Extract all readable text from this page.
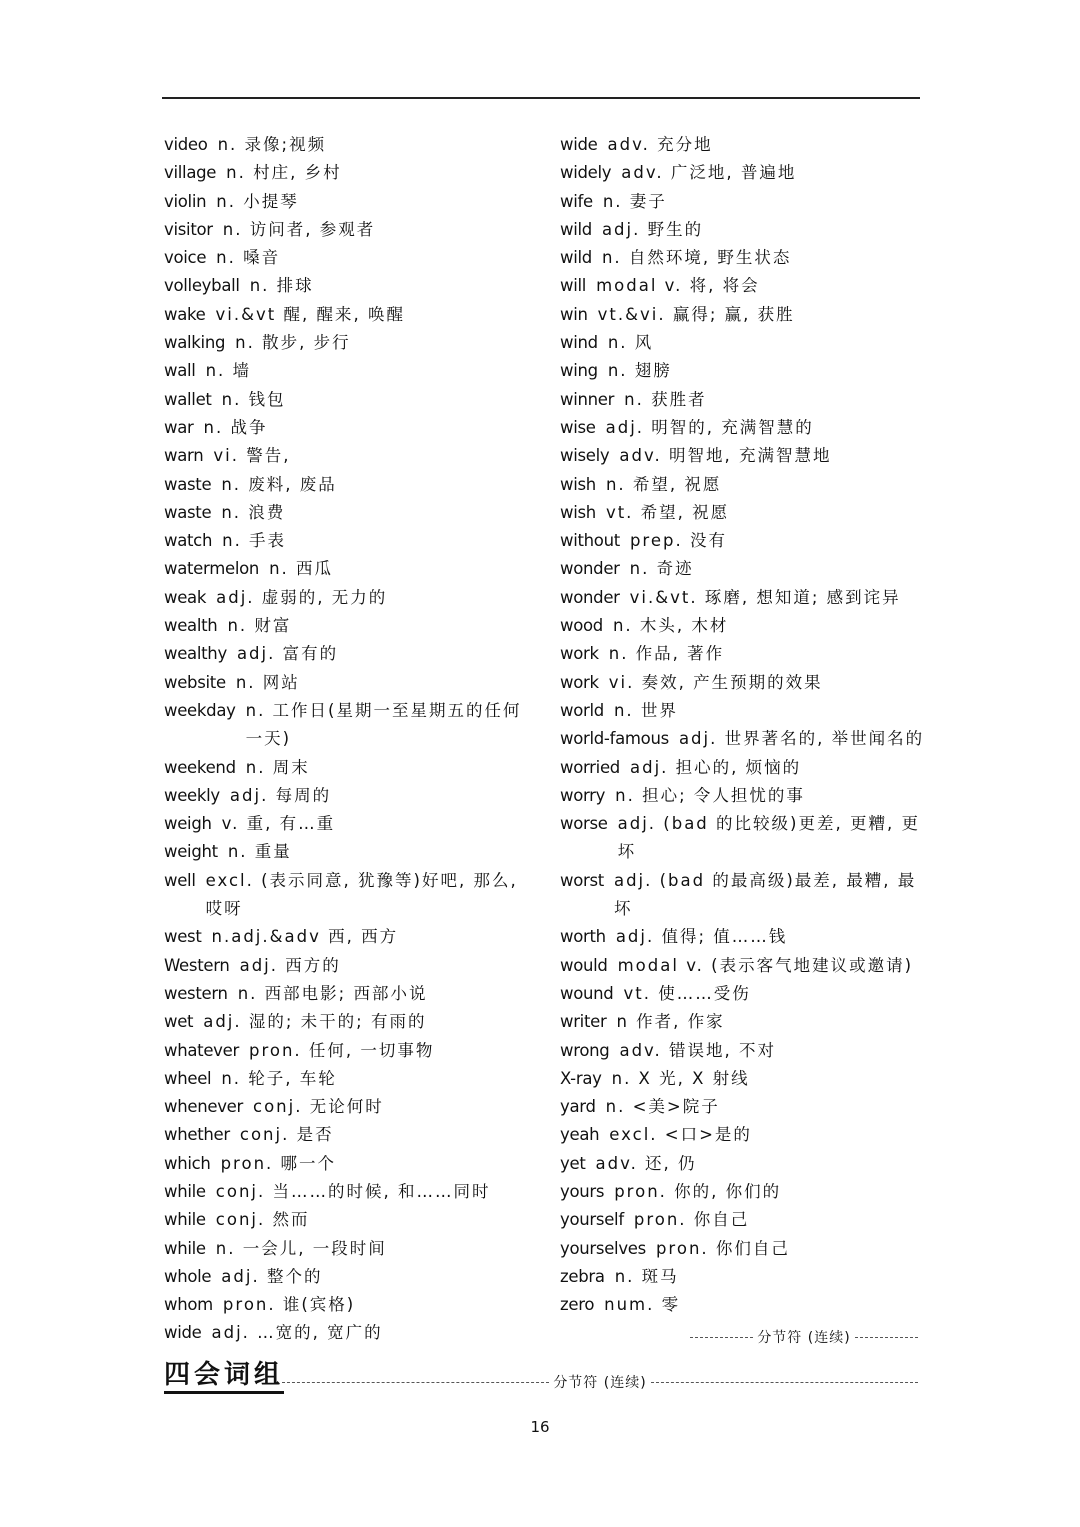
video n. 录像;视频
village n. 村庄, 乡村
violin n. 小提琴
visitor n. 访问者, 参观者
voice n. 嗓音
volleyball n. 排球
wake vi.&vt 醒, 醒来, 唤醒
walking n. 散步, 步行
wall n. 墙
wallet n. 钱包
war n. 战争
warn vi. 警告,
waste n. 废料, 废品
waste n. 浪费
watch n. 手表
watermelon n. 西瓜
weak adj. 虚弱的, 无力的
wealth n. 财富
wealthy adj. 富有的
website n. 网站
weekday n. 工作日(星期一至星期五的任何一天)
weekend n. 周末
weekly adj. 每周的
weigh v. 重, 有…重
weight n. 重量
well excl. (表示同意, 犹豫等)好吧, 那么, 哎呀
west n.adj.&adv 西, 西方
Western adj. 西方的
western n. 西部电影; 西部小说
wet adj. 湿的; 未干的; 有雨的
whatever pron. 任何, 一切事物
wheel n. 轮子, 车轮
whenever conj. 无论何时
whether conj. 是否
which pron. 哪一个
while conj. 当……的时候, 和……同时
while conj. 然而
while n. 一会儿, 一段时间
whole adj. 整个的
whom pron. 谁(宾格)
wide adj. …宽的, 宽广的
wide adv. 充分地
widely adv. 广泛地, 普遍地
wife n. 妻子
wild adj. 野生的
wild n. 自然环境, 野生状态
will modal v. 将, 将会
win vt.&vi. 赢得; 赢, 获胜
wind n. 风
wing n. 翅膀
winner n. 获胜者
wise adj. 明智的, 充满智慧的
wisely adv. 明智地, 充满智慧地
wish n. 希望, 祝愿
wish vt. 希望, 祝愿
without prep. 没有
wonder n. 奇迹
wonder vi.&vt. 琢磨, 想知道; 感到诧异
wood n. 木头, 木材
work n. 作品, 著作
work vi. 奏效, 产生预期的效果
world n. 世界
world-famous adj. 世界著名的, 举世闻名的
worried adj. 担心的, 烦恼的
worry n. 担心; 令人担忧的事
worse adj. (bad 的比较级)更差, 更糟, 更坏
worst adj. (bad 的最高级)最差, 最糟, 最坏
worth adj. 值得; 值……钱
would modal v. (表示客气地建议或邀请)
wound vt. 使……受伤
writer n 作者, 作家
wrong adv. 错误地, 不对
X-ray n. X 光, X 射线
yard n. <美>院子
yeah excl. <口>是的
yet adv. 还, 仍
yours pron. 你的, 你们的
yourself pron. 你自己
yourselves pron. 你们自己
zebra n. 斑马
zero num. 零
分节符 (连续)
四会词组	分节符 (连续)
16
